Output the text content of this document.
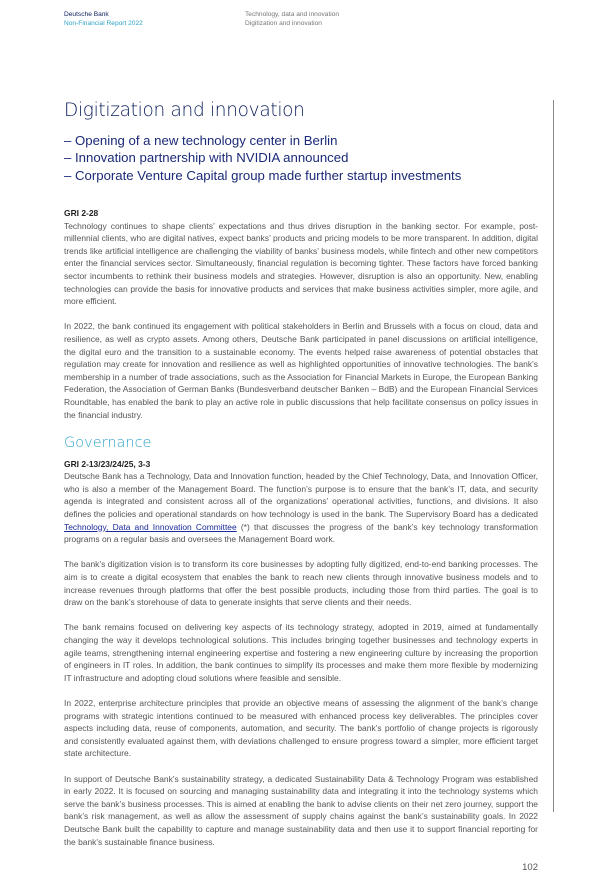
Deutsche Bank
Non-Financial Report 2022
Technology, data and innovation
Digitization and innovation
Digitization and innovation
– Opening of a new technology center in Berlin
– Innovation partnership with NVIDIA announced
– Corporate Venture Capital group made further startup investments
GRI 2-28
Technology continues to shape clients’ expectations and thus drives disruption in the banking sector. For example, post-millennial clients, who are digital natives, expect banks’ products and pricing models to be more transparent. In addition, digital trends like artificial intelligence are challenging the viability of banks’ business models, while fintech and other new competitors enter the financial services sector. Simultaneously, financial regulation is becoming tighter. These factors have forced banking sector incumbents to rethink their business models and strategies. However, disruption is also an opportunity. New, enabling technologies can provide the basis for innovative products and services that make business activities simpler, more agile, and more efficient.
In 2022, the bank continued its engagement with political stakeholders in Berlin and Brussels with a focus on cloud, data and resilience, as well as crypto assets. Among others, Deutsche Bank participated in panel discussions on artificial intelligence, the digital euro and the transition to a sustainable economy. The events helped raise awareness of potential obstacles that regulation may create for innovation and resilience as well as highlighted opportunities of innovative technologies. The bank’s membership in a number of trade associations, such as the Association for Financial Markets in Europe, the European Banking Federation, the Association of German Banks (Bundesverband deutscher Banken – BdB) and the European Financial Services Roundtable, has enabled the bank to play an active role in public discussions that help facilitate consensus on policy issues in the financial industry.
Governance
GRI 2-13/23/24/25, 3-3
Deutsche Bank has a Technology, Data and Innovation function, headed by the Chief Technology, Data, and Innovation Officer, who is also a member of the Management Board. The function’s purpose is to ensure that the bank’s IT, data, and security agenda is integrated and consistent across all of the organizations’ operational activities, functions, and divisions. It also defines the policies and operational standards on how technology is used in the bank. The Supervisory Board has a dedicated Technology, Data and Innovation Committee (*) that discusses the progress of the bank’s key technology transformation programs on a regular basis and oversees the Management Board work.
The bank’s digitization vision is to transform its core businesses by adopting fully digitized, end-to-end banking processes. The aim is to create a digital ecosystem that enables the bank to reach new clients through innovative business models and to increase revenues through platforms that offer the best possible products, including those from third parties. The goal is to draw on the bank’s storehouse of data to generate insights that serve clients and their needs.
The bank remains focused on delivering key aspects of its technology strategy, adopted in 2019, aimed at fundamentally changing the way it develops technological solutions. This includes bringing together businesses and technology experts in agile teams, strengthening internal engineering expertise and fostering a new engineering culture by increasing the proportion of engineers in IT roles. In addition, the bank continues to simplify its processes and make them more flexible by modernizing IT infrastructure and adopting cloud solutions where feasible and sensible.
In 2022, enterprise architecture principles that provide an objective means of assessing the alignment of the bank’s change programs with strategic intentions continued to be measured with enhanced process key deliverables. The principles cover aspects including data, reuse of components, automation, and security. The bank’s portfolio of change projects is rigorously and consistently evaluated against them, with deviations challenged to ensure progress toward a simpler, more efficient target state architecture.
In support of Deutsche Bank’s sustainability strategy, a dedicated Sustainability Data & Technology Program was established in early 2022. It is focused on sourcing and managing sustainability data and integrating it into the technology systems which serve the bank’s business processes. This is aimed at enabling the bank to advise clients on their net zero journey, support the bank’s risk management, as well as allow the assessment of supply chains against the bank’s sustainability goals. In 2022 Deutsche Bank built the capability to capture and manage sustainability data and then use it to support financial reporting for the bank's sustainable finance business.
102
